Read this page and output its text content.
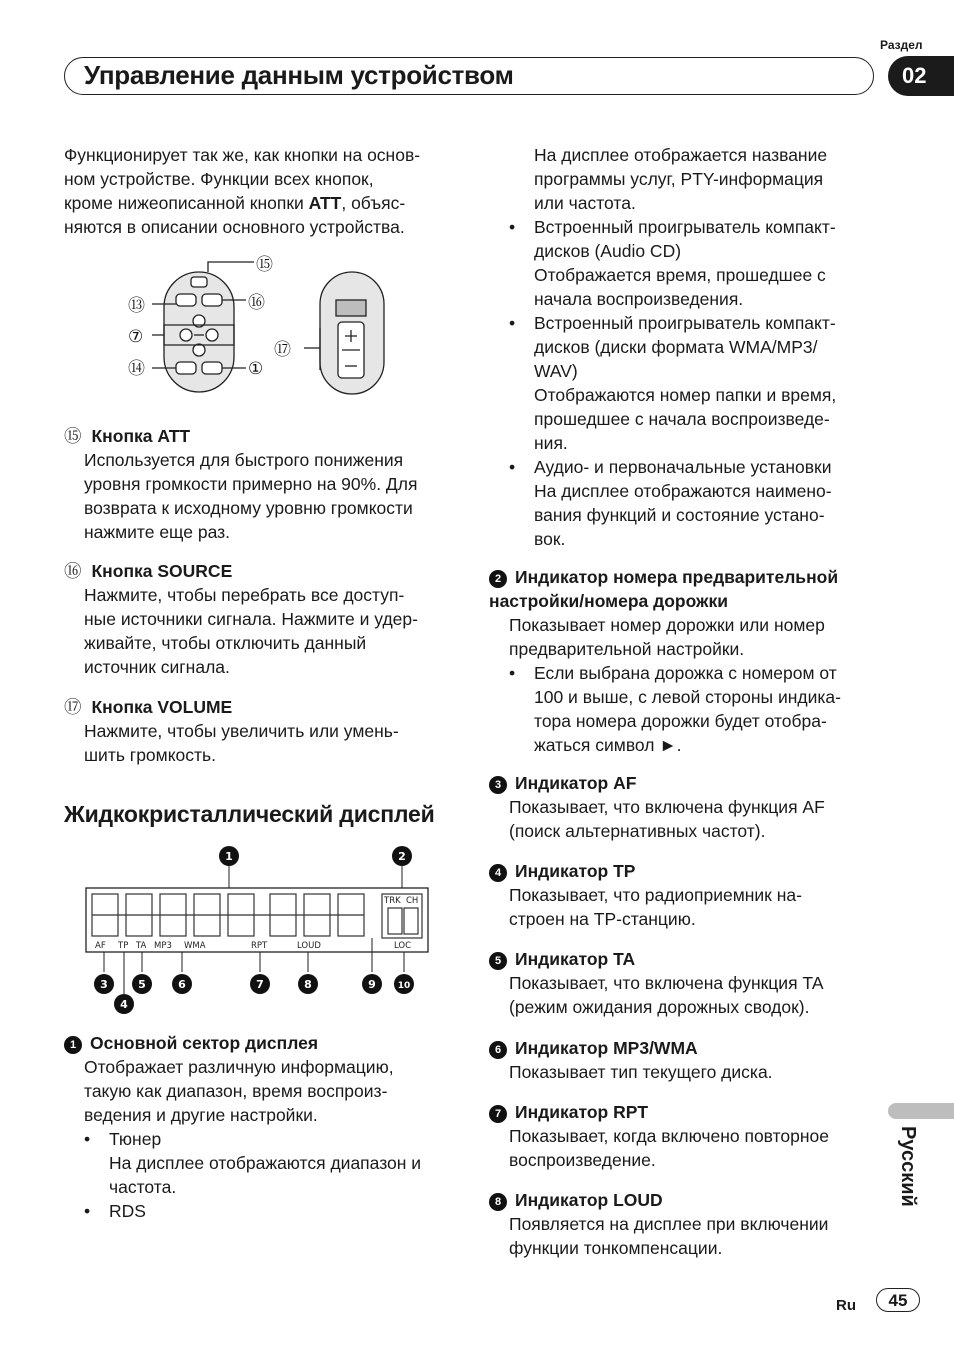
Управление данным устройством
Раздел
02
Функционирует так же, как кнопки на основ-
ном устройстве. Функции всех кнопок,
кроме нижеописанной кнопки ATT, объяс-
няются в описании основного устройства.
⑮
⑬	⑯
⑦
⑰
⑭	①
⑮ Кнопка ATT
Используется для быстрого понижения
уровня громкости примерно на 90%. Для
возврата к исходному уровню громкости
нажмите еще раз.
⑯ Кнопка SOURCE
Нажмите, чтобы перебрать все доступ-
ные источники сигнала. Нажмите и удер-
живайте, чтобы отключить данный
источник сигнала.
⑰ Кнопка VOLUME
Нажмите, чтобы увеличить или умень-
шить громкость.
Жидкокристаллический дисплей
AF TP TA MP3 WMA	RPT	LOUD	LOC
TRK CH
1	2
3
4
5	6	7	8	9 10
1 Основной сектор дисплея
Отображает различную информацию,
такую как диапазон, время воспроиз-
ведения и другие настройки.
• Тюнер
На дисплее отображаются диапазон и
частота.
• RDS
На дисплее отображается название
программы услуг, PTY-информация
или частота.
• Встроенный проигрыватель компакт-
дисков (Audio CD)
Отображается время, прошедшее с
начала воспроизведения.
• Встроенный проигрыватель компакт-
дисков (диски формата WMA/MP3/
WAV)
Отображаются номер папки и время,
прошедшее с начала воспроизведе-
ния.
• Аудио- и первоначальные установки
На дисплее отображаются наимено-
вания функций и состояние устано-
вок.
2 Индикатор номера предварительной
настройки/номера дорожки
Показывает номер дорожки или номер
предварительной настройки.
• Если выбрана дорожка с номером от
100 и выше, с левой стороны индика-
тора номера дорожки будет отобра-
жаться символ ►.
3 Индикатор AF
Показывает, что включена функция AF
(поиск альтернативных частот).
4 Индикатор TP
Показывает, что радиоприемник на-
строен на TP-станцию.
5 Индикатор TA
Показывает, что включена функция TA
(режим ожидания дорожных сводок).
6 Индикатор MP3/WMA
Показывает тип текущего диска.
7 Индикатор RPT
Показывает, когда включено повторное
воспроизведение.
8 Индикатор LOUD
Появляется на дисплее при включении
функции тонкомпенсации.
Русский
Ru	45
